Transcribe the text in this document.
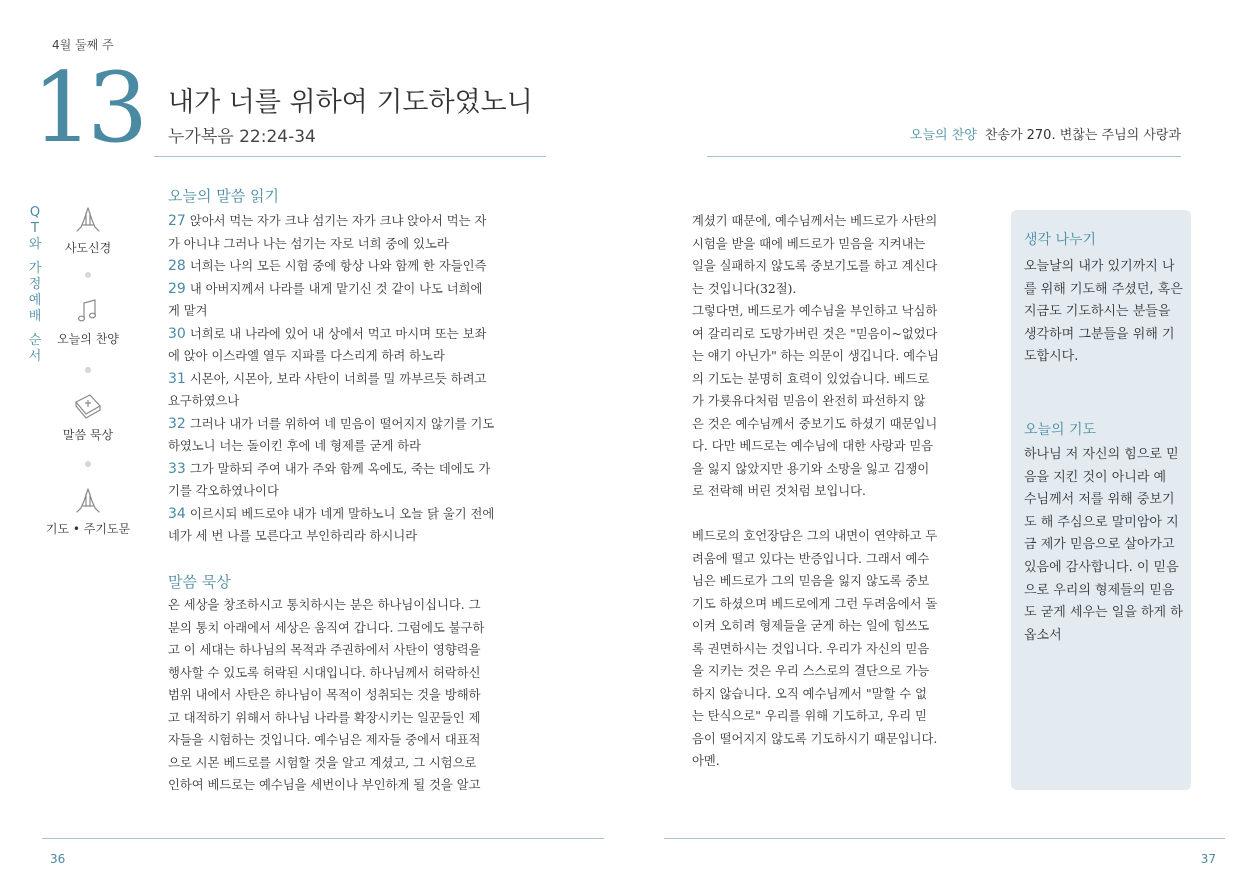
4월 둘째 주
13 내가 너를 위하여 기도하였노니
누가복음 22:24-34
Q
T
와
가
정
예
배
순
서
사도신경
오늘의 찬양
말씀 묵상
기도 • 주기도문
오늘의 말씀 읽기
27 앉아서 먹는 자가 크냐 섬기는 자가 크냐 앉아서 먹는 자
가 아니냐 그러나 나는 섬기는 자로 너희 중에 있노라
28 너희는 나의 모든 시험 중에 항상 나와 함께 한 자들인즉
29 내 아버지께서 나라를 내게 맡기신 것 같이 나도 너희에
게 맡겨
30 너희로 내 나라에 있어 내 상에서 먹고 마시며 또는 보좌
에 앉아 이스라엘 열두 지파를 다스리게 하려 하노라
31 시몬아, 시몬아, 보라 사탄이 너희를 밀 까부르듯 하려고
요구하였으나
32 그러나 내가 너를 위하여 네 믿음이 떨어지지 않기를 기도
하였노니 너는 돌이킨 후에 네 형제를 굳게 하라
33 그가 말하되 주여 내가 주와 함께 옥에도, 죽는 데에도 가
기를 각오하였나이다
34 이르시되 베드로야 내가 네게 말하노니 오늘 닭 울기 전에
네가 세 번 나를 모른다고 부인하리라 하시니라
말씀 묵상
온 세상을 창조하시고 통치하시는 분은 하나님이십니다. 그
분의 통치 아래에서 세상은 움직여 갑니다. 그럼에도 불구하
고 이 세대는 하나님의 목적과 주권하에서 사탄이 영향력을
행사할 수 있도록 허락된 시대입니다. 하나님께서 허락하신
범위 내에서 사탄은 하나님이 목적이 성취되는 것을 방해하
고 대적하기 위해서 하나님 나라를 확장시키는 일꾼들인 제
자들을 시험하는 것입니다. 예수님은 제자들 중에서 대표적
으로 시몬 베드로를 시험할 것을 알고 계셨고, 그 시험으로
인하여 베드로는 예수님을 세번이나 부인하게 될 것을 알고
오늘의 찬양 찬송가 270. 변찮는 주님의 사랑과
계셨기 때문에, 예수님께서는 베드로가 사탄의
시험을 받을 때에 베드로가 믿음을 지켜내는
일을 실패하지 않도록 중보기도를 하고 계신다
는 것입니다(32절).
그렇다면, 베드로가 예수님을 부인하고 낙심하
여 갈리리로 도망가버린 것은 "믿음이~없었다
는 얘기 아닌가" 하는 의문이 생깁니다. 예수님
의 기도는 분명히 효력이 있었습니다. 베드로
가 가룟유다처럼 믿음이 완전히 파선하지 않
은 것은 예수님께서 중보기도 하셨기 때문입니
다. 다만 베드로는 예수님에 대한 사랑과 믿음
을 잃지 않았지만 용기와 소망을 잃고 김쟁이
로 전락해 버린 것처럼 보입니다.
베드로의 호언장담은 그의 내면이 연약하고 두
려움에 떨고 있다는 반증입니다. 그래서 예수
님은 베드로가 그의 믿음을 잃지 않도록 중보
기도 하셨으며 베드로에게 그런 두려움에서 돌
이켜 오히려 형제들을 굳게 하는 일에 힘쓰도
록 권면하시는 것입니다. 우리가 자신의 믿음
을 지키는 것은 우리 스스로의 결단으로 가능
하지 않습니다. 오직 예수님께서 "말할 수 없
는 탄식으로" 우리를 위해 기도하고, 우리 믿
음이 떨어지지 않도록 기도하시기 때문입니다.
아멘.
생각 나누기
오늘날의 내가 있기까지 나
를 위해 기도해 주셨던, 혹은
지금도 기도하시는 분들을
생각하며 그분들을 위해 기
도합시다.
오늘의 기도
하나님 저 자신의 힘으로 믿
음을 지킨 것이 아니라 예
수님께서 저를 위해 중보기
도 해 주심으로 말미암아 지
금 제가 믿음으로 살아가고
있음에 감사합니다. 이 믿음
으로 우리의 형제들의 믿음
도 굳게 세우는 일을 하게 하
옵소서
36	37
